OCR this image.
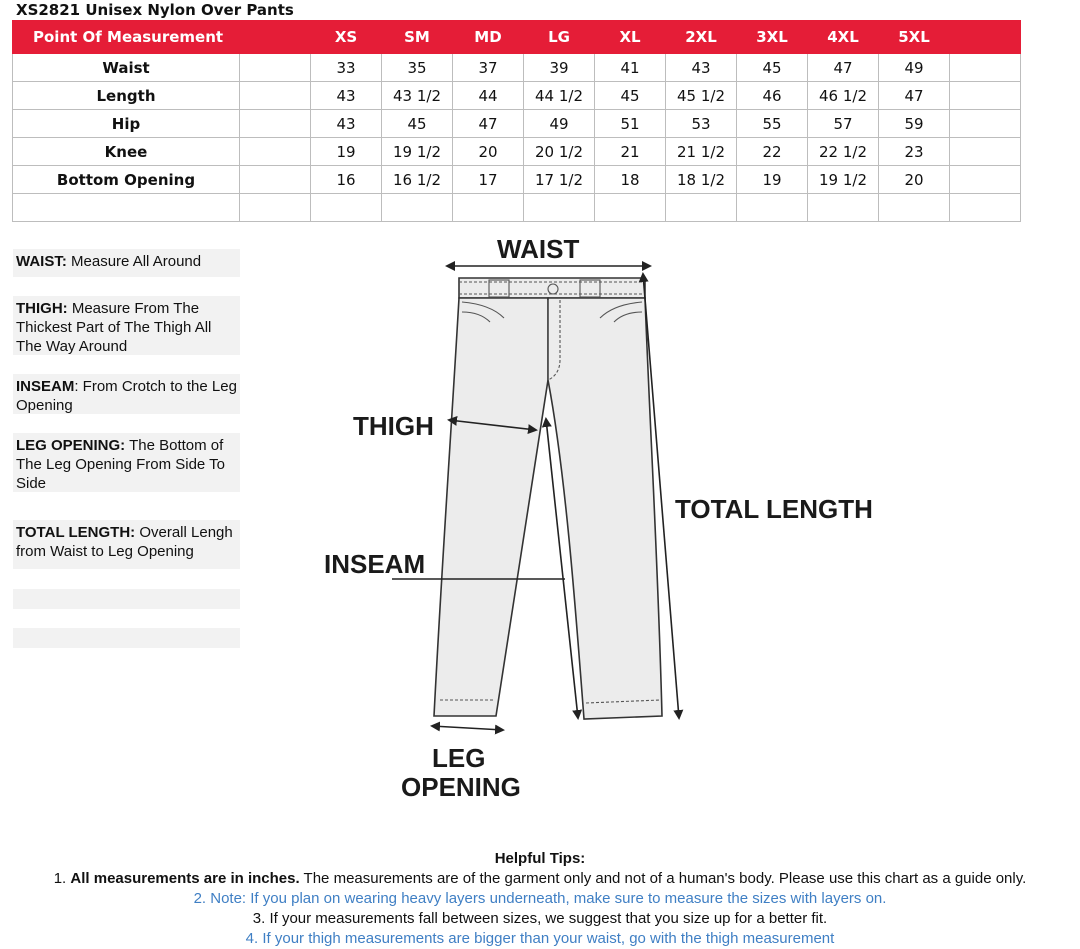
XS2821 Unisex Nylon Over Pants
Point Of Measurement		XS	SM	MD	LG	XL	2XL	3XL	4XL	5XL	
Waist		33	35	37	39	41	43	45	47	49	
Length		43	43 1/2	44	44 1/2	45	45 1/2	46	46 1/2	47	
Hip		43	45	47	49	51	53	55	57	59	
Knee		19	19 1/2	20	20 1/2	21	21 1/2	22	22 1/2	23	
Bottom Opening		16	16 1/2	17	17 1/2	18	18 1/2	19	19 1/2	20	

WAIST: Measure All Around
THIGH: Measure From The Thickest Part of The Thigh All The Way Around
INSEAM: From Crotch to the Leg Opening
LEG OPENING: The Bottom of The Leg Opening From Side To Side
TOTAL LENGTH: Overall Lengh from Waist to Leg Opening
WAIST
THIGH
INSEAM
TOTAL LENGTH
LEG
OPENING
Helpful Tips:
1. All measurements are in inches. The measurements are of the garment only and not of a human's body. Please use this chart as a guide only.
2. Note: If you plan on wearing heavy layers underneath, make sure to measure the sizes with layers on.
3. If your measurements fall between sizes, we suggest that you size up for a better fit.
4. If your thigh measurements are bigger than your waist, go with the thigh measurement
